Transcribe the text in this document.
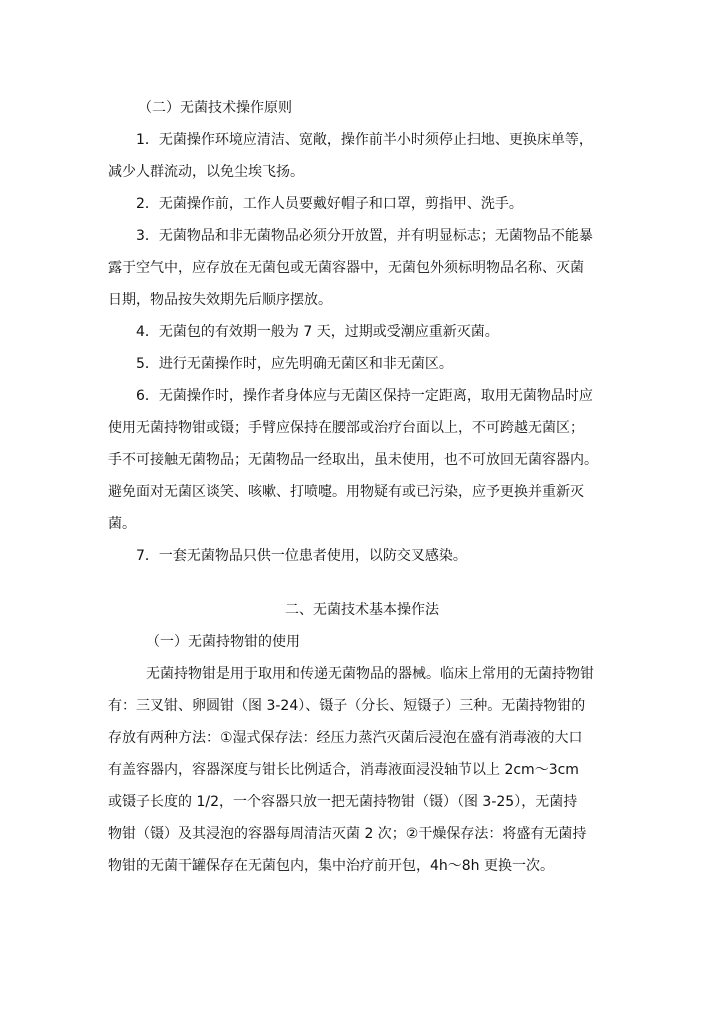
（二）无菌技术操作原则
1．无菌操作环境应清洁、宽敞，操作前半小时须停止扫地、更换床单等，
减少人群流动，以免尘埃飞扬。
2．无菌操作前，工作人员要戴好帽子和口罩，剪指甲、洗手。
3．无菌物品和非无菌物品必须分开放置，并有明显标志；无菌物品不能暴
露于空气中，应存放在无菌包或无菌容器中，无菌包外须标明物品名称、灭菌
日期，物品按失效期先后顺序摆放。
4．无菌包的有效期一般为 7 天，过期或受潮应重新灭菌。
5．进行无菌操作时，应先明确无菌区和非无菌区。
6．无菌操作时，操作者身体应与无菌区保持一定距离，取用无菌物品时应
使用无菌持物钳或镊；手臂应保持在腰部或治疗台面以上，不可跨越无菌区；
手不可接触无菌物品；无菌物品一经取出，虽未使用，也不可放回无菌容器内。
避免面对无菌区谈笑、咳嗽、打喷嚏。用物疑有或已污染，应予更换并重新灭
菌。
7．一套无菌物品只供一位患者使用，以防交叉感染。
二、无菌技术基本操作法
（一）无菌持物钳的使用
无菌持物钳是用于取用和传递无菌物品的器械。临床上常用的无菌持物钳
有：三叉钳、卵圆钳（图 3-24）、镊子（分长、短镊子）三种。无菌持物钳的
存放有两种方法：①湿式保存法：经压力蒸汽灭菌后浸泡在盛有消毒液的大口
有盖容器内，容器深度与钳长比例适合，消毒液面浸没轴节以上 2cm～3cm
或镊子长度的 1/2，一个容器只放一把无菌持物钳（镊）（图 3-25），无菌持
物钳（镊）及其浸泡的容器每周清洁灭菌 2 次；②干燥保存法：将盛有无菌持
物钳的无菌干罐保存在无菌包内，集中治疗前开包，4h～8h 更换一次。
